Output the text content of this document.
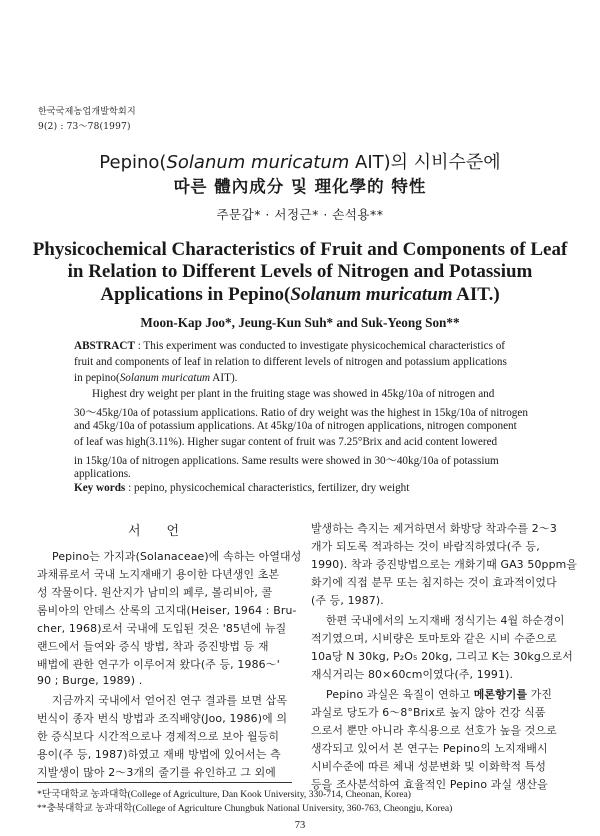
한국국제농업개발학회지
9(2) : 73～78(1997)
Pepino(Solanum muricatum AIT)의 시비수준에
따른 體內成分 및 理化學的 特性
주문갑* · 서정근* · 손석용**
Physicochemical Characteristics of Fruit and Components of Leaf
in Relation to Different Levels of Nitrogen and Potassium
Applications in Pepino(Solanum muricatum AIT.)
Moon-Kap Joo*, Jeung-Kun Suh* and Suk-Yeong Son**
ABSTRACT : This experiment was conducted to investigate physicochemical characteristics of
fruit and components of leaf in relation to different levels of nitrogen and potassium applications
in pepino(Solanum muricatum AIT).
Highest dry weight per plant in the fruiting stage was showed in 45kg/10a of nitrogen and
30～45kg/10a of potassium applications. Ratio of dry weight was the highest in 15kg/10a of nitrogen
and 45kg/10a of potassium applications. At 45kg/10a of nitrogen applications, nitrogen component
of leaf was high(3.11%). Higher sugar content of fruit was 7.25°Brix and acid content lowered
in 15kg/10a of nitrogen applications. Same results were showed in 30～40kg/10a of potassium
applications.
Key words : pepino, physicochemical characteristics, fertilizer, dry weight
서언
Pepino는 가지과(Solanaceae)에 속하는 아열대성
과채류로서 국내 노지재배기 용이한 다년생인 초본
성 작물이다. 원산지가 남미의 페루, 볼리비아, 콜
롬비아의 안데스 산록의 고지대(Heiser, 1964 : Bru-
cher, 1968)로서 국내에 도입된 것은 '85년에 뉴질
랜드에서 들여와 증식 방법, 착과 증진방법 등 재
배법에 관한 연구가 이루어져 왔다(주 등, 1986～'
90 ; Burge, 1989) .
지금까지 국내에서 얻어진 연구 결과를 보면 삽목
번식이 종자 번식 방법과 조직배양(Joo, 1986)에 의
한 증식보다 시간적으로나 경제적으로 보아 월등히
용이(주 등, 1987)하였고 재배 방법에 있어서는 측
지발생이 많아 2～3개의 줄기를 유인하고 그 외에
발생하는 측지는 제거하면서 화방당 착과수를 2～3
개가 되도록 적과하는 것이 바람직하였다(주 등,
1990). 착과 증진방법으로는 개화기때 GA3 50ppm을
화기에 직접 분무 또는 침지하는 것이 효과적이었다
(주 등, 1987).
한편 국내에서의 노지재배 정식기는 4월 하순경이
적기였으며, 시비량은 토마토와 같은 시비 수준으로
10a당 N 30kg, P₂O₅ 20kg, 그리고 K는 30kg으로서
재식거리는 80×60cm이였다(주, 1991).
Pepino 과실은 육질이 연하고 메론향기를 가진
과실로 당도가 6～8°Brix로 높지 않아 건강 식품
으로서 뿐만 아니라 후식용으로 선호가 높을 것으로
생각되고 있어서 본 연구는 Pepino의 노지재배시
시비수준에 따른 체내 성분변화 및 이화학적 특성
등을 조사분석하여 효율적인 Pepino 과실 생산을
*단국대학교 농과대학(College of Agriculture, Dan Kook University, 330-714, Cheonan, Korea)
**충북대학교 농과대학(College of Agriculture Chungbuk National University, 360-763, Cheongju, Korea)
73
